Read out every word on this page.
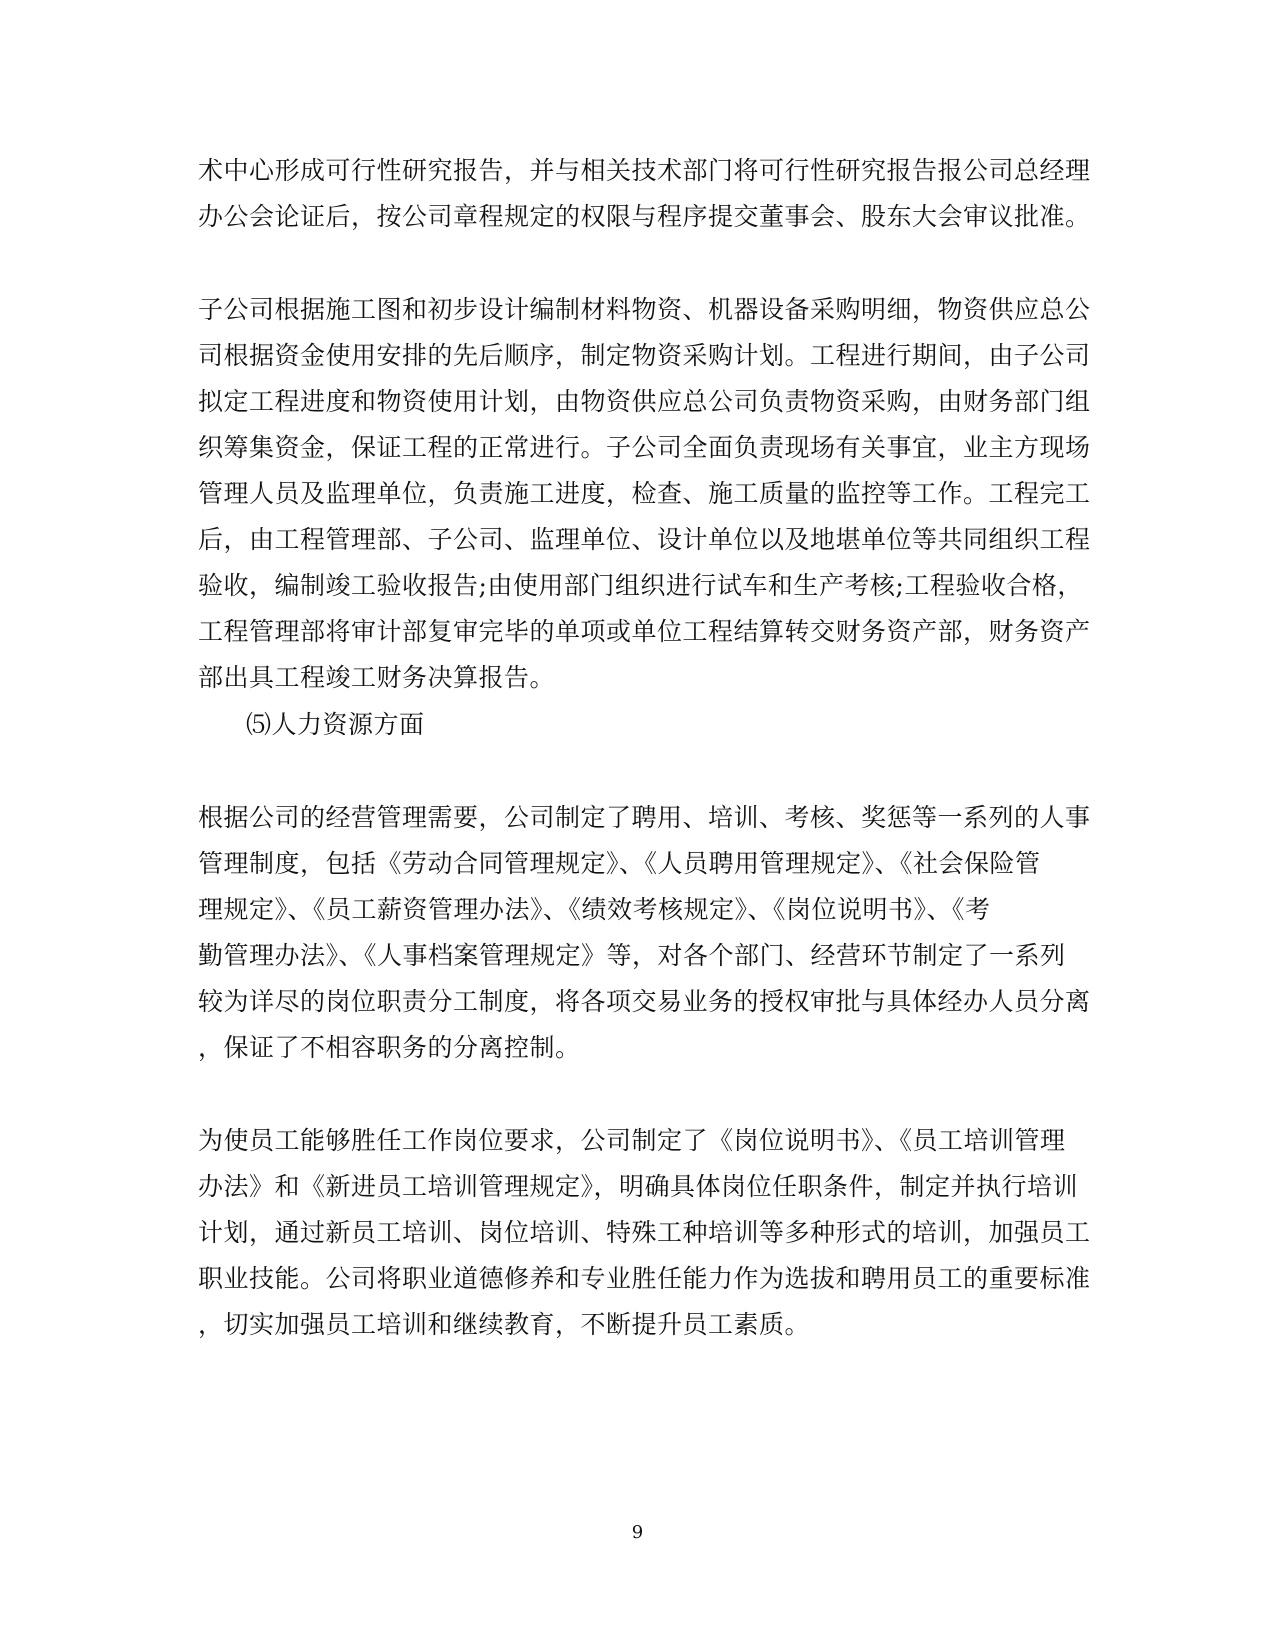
术中心形成可行性研究报告，并与相关技术部门将可行性研究报告报公司总经理
办公会论证后，按公司章程规定的权限与程序提交董事会、股东大会审议批准。
子公司根据施工图和初步设计编制材料物资、机器设备采购明细，物资供应总公
司根据资金使用安排的先后顺序，制定物资采购计划。工程进行期间，由子公司
拟定工程进度和物资使用计划，由物资供应总公司负责物资采购，由财务部门组
织筹集资金，保证工程的正常进行。子公司全面负责现场有关事宜，业主方现场
管理人员及监理单位，负责施工进度，检查、施工质量的监控等工作。工程完工
后，由工程管理部、子公司、监理单位、设计单位以及地堪单位等共同组织工程
验收，编制竣工验收报告;由使用部门组织进行试车和生产考核;工程验收合格，
工程管理部将审计部复审完毕的单项或单位工程结算转交财务资产部，财务资产
部出具工程竣工财务决算报告。
⑸人力资源方面
根据公司的经营管理需要，公司制定了聘用、培训、考核、奖惩等一系列的人事
管理制度，包括《劳动合同管理规定》、《人员聘用管理规定》、《社会保险管
理规定》、《员工薪资管理办法》、《绩效考核规定》、《岗位说明书》、《考
勤管理办法》、《人事档案管理规定》等，对各个部门、经营环节制定了一系列
较为详尽的岗位职责分工制度，将各项交易业务的授权审批与具体经办人员分离
，保证了不相容职务的分离控制。
为使员工能够胜任工作岗位要求，公司制定了《岗位说明书》、《员工培训管理
办法》和《新进员工培训管理规定》，明确具体岗位任职条件，制定并执行培训
计划，通过新员工培训、岗位培训、特殊工种培训等多种形式的培训，加强员工
职业技能。公司将职业道德修养和专业胜任能力作为选拔和聘用员工的重要标准
，切实加强员工培训和继续教育，不断提升员工素质。
9
